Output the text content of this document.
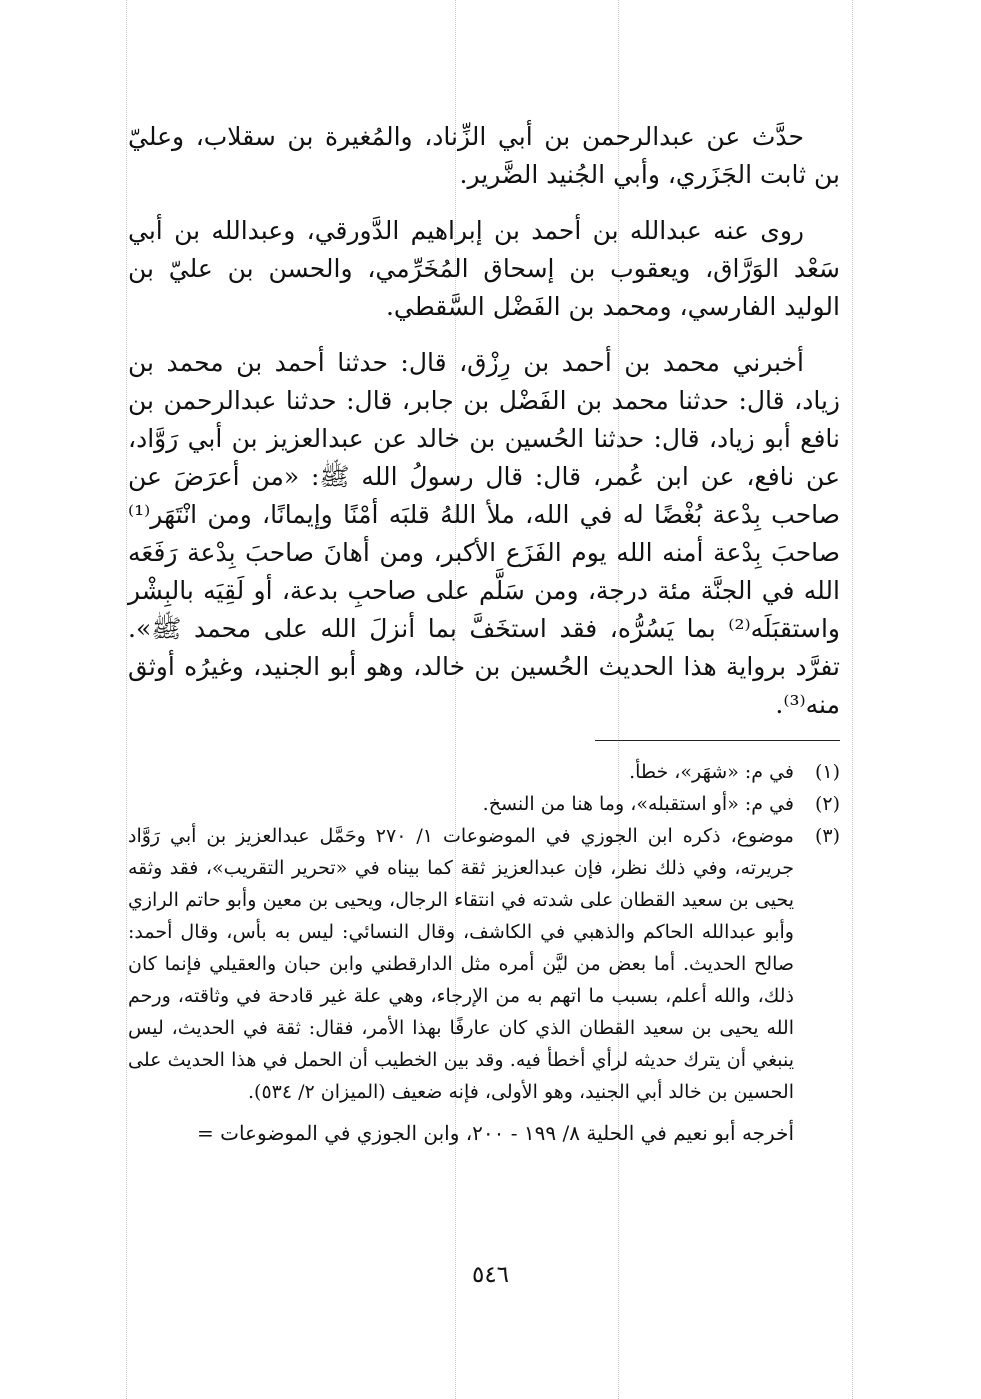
حدَّث عن عبدالرحمن بن أبي الزِّناد، والمُغيرة بن سقلاب، وعليّ بن ثابت الجَزَري، وأبي الجُنيد الضَّرير.

روى عنه عبدالله بن أحمد بن إبراهيم الدَّورقي، وعبدالله بن أبي سَعْد الوَرَّاق، ويعقوب بن إسحاق المُخَرِّمي، والحسن بن عليّ بن الوليد الفارسي، ومحمد بن الفَضْل السَّقطي.

أخبرني محمد بن أحمد بن رِزْق، قال: حدثنا أحمد بن محمد بن زياد، قال: حدثنا محمد بن الفَضْل بن جابر، قال: حدثنا عبدالرحمن بن نافع أبو زياد، قال: حدثنا الحُسين بن خالد عن عبدالعزيز بن أبي رَوَّاد، عن نافع، عن ابن عُمر، قال: قال رسولُ الله ﷺ: «من أعرَضَ عن صاحب بِدْعة بُغْضًا له في الله، ملأ اللهُ قلبَه أمْنًا وإيمانًا، ومن انْتَهَر⁽¹⁾ صاحبَ بِدْعة أمنه الله يوم الفَزَع الأكبر، ومن أهانَ صاحبَ بِدْعة رَفَعَه الله في الجنَّة مئة درجة، ومن سَلَّم على صاحبِ بدعة، أو لَقِيَه بالبِشْر واستقبَلَه⁽²⁾ بما يَسُرُّه، فقد استخَفَّ بما أنزلَ الله على محمد ﷺ». تفرَّد برواية هذا الحديث الحُسين بن خالد، وهو أبو الجنيد، وغيرُه أوثق منه⁽³⁾.

(١)
في م: «شهَر»، خطأ.
(٢)
في م: «أو استقبله»، وما هنا من النسخ.
(٣)
موضوع، ذكره ابن الجوزي في الموضوعات ١/ ٢٧٠ وحَمَّل عبدالعزيز بن أبي رَوَّاد جريرته، وفي ذلك نظر، فإن عبدالعزيز ثقة كما بيناه في «تحرير التقريب»، فقد وثقه يحيى بن سعيد القطان على شدته في انتقاء الرجال، ويحيى بن معين وأبو حاتم الرازي وأبو عبدالله الحاكم والذهبي في الكاشف، وقال النسائي: ليس به بأس، وقال أحمد: صالح الحديث. أما بعض من ليَّن أمره مثل الدارقطني وابن حبان والعقيلي فإنما كان ذلك، والله أعلم، بسبب ما اتهم به من الإرجاء، وهي علة غير قادحة في وثاقته، ورحم الله يحيى بن سعيد القطان الذي كان عارفًا بهذا الأمر، فقال: ثقة في الحديث، ليس ينبغي أن يترك حديثه لرأي أخطأ فيه. وقد بين الخطيب أن الحمل في هذا الحديث على الحسين بن خالد أبي الجنيد، وهو الأولى، فإنه ضعيف (الميزان ٢/ ٥٣٤).

أخرجه أبو نعيم في الحلية ٨/ ١٩٩ - ٢٠٠، وابن الجوزي في الموضوعات =

٥٤٦
